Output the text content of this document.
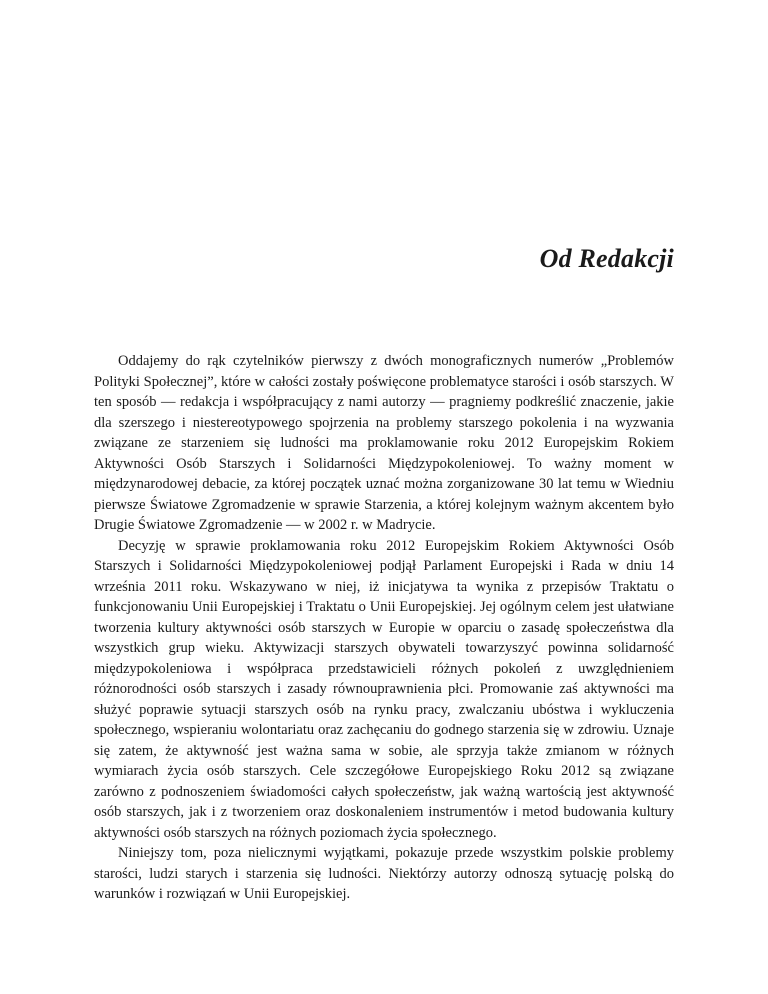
Od Redakcji

Oddajemy do rąk czytelników pierwszy z dwóch monograficznych numerów „Problemów Polityki Społecznej”, które w całości zostały poświęcone problematyce starości i osób starszych. W ten sposób — redakcja i współpracujący z nami autorzy — pragniemy podkreślić znaczenie, jakie dla szerszego i niestereotypowego spojrzenia na problemy starszego pokolenia i na wyzwania związane ze starzeniem się ludności ma proklamowanie roku 2012 Europejskim Rokiem Aktywności Osób Starszych i Solidarności Międzypokoleniowej. To ważny moment w międzynarodowej debacie, za której początek uznać można zorganizowane 30 lat temu w Wiedniu pierwsze Światowe Zgromadzenie w sprawie Starzenia, a której kolejnym ważnym akcentem było Drugie Światowe Zgromadzenie — w 2002 r. w Madrycie.

Decyzję w sprawie proklamowania roku 2012 Europejskim Rokiem Aktywności Osób Starszych i Solidarności Międzypokoleniowej podjął Parlament Europejski i Rada w dniu 14 września 2011 roku. Wskazywano w niej, iż inicjatywa ta wynika z przepisów Traktatu o funkcjonowaniu Unii Europejskiej i Traktatu o Unii Europejskiej. Jej ogólnym celem jest ułatwiane tworzenia kultury aktywności osób starszych w Europie w oparciu o zasadę społeczeństwa dla wszystkich grup wieku. Aktywizacji starszych obywateli towarzyszyć powinna solidarność międzypokoleniowa i współpraca przedstawicieli różnych pokoleń z uwzględnieniem różnorodności osób starszych i zasady równouprawnienia płci. Promowanie zaś aktywności ma służyć poprawie sytuacji starszych osób na rynku pracy, zwalczaniu ubóstwa i wykluczenia społecznego, wspieraniu wolontariatu oraz zachęcaniu do godnego starzenia się w zdrowiu. Uznaje się zatem, że aktywność jest ważna sama w sobie, ale sprzyja także zmianom w różnych wymiarach życia osób starszych. Cele szczegółowe Europejskiego Roku 2012 są związane zarówno z podnoszeniem świadomości całych społeczeństw, jak ważną wartością jest aktywność osób starszych, jak i z tworzeniem oraz doskonaleniem instrumentów i metod budowania kultury aktywności osób starszych na różnych poziomach życia społecznego.

Niniejszy tom, poza nielicznymi wyjątkami, pokazuje przede wszystkim polskie problemy starości, ludzi starych i starzenia się ludności. Niektórzy autorzy odnoszą sytuację polską do warunków i rozwiązań w Unii Europejskiej.
